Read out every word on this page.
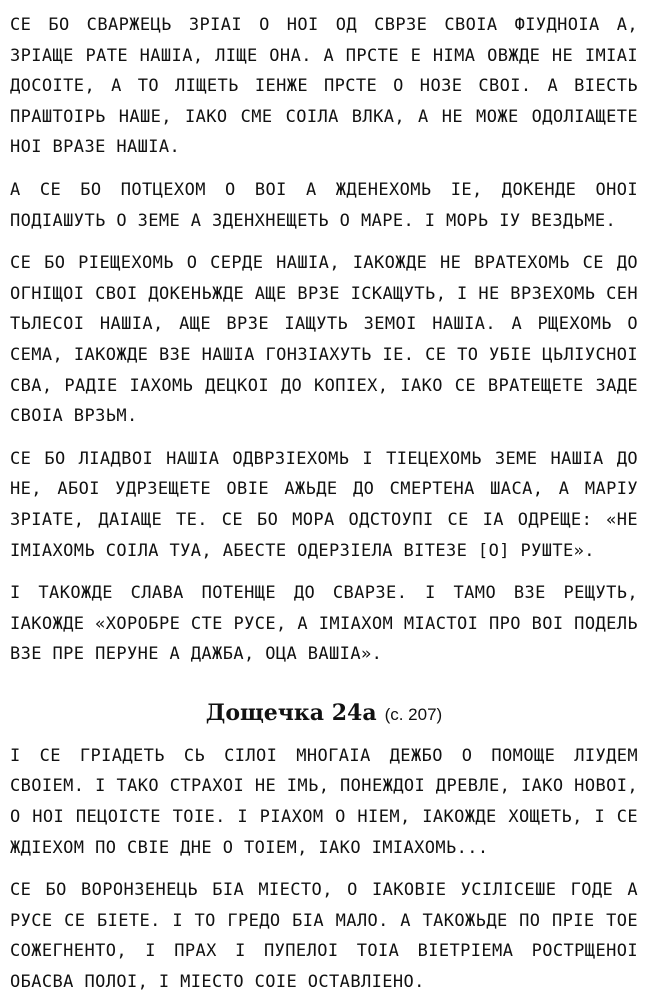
СЕ БО СВАРЖЕЦЬ ЗРIАI О НOI ОД СВРЗЕ СВОIA ФIУДНОIА А, ЗРIАЩЕ РАТЕ НАШIА, ЛIЩЕ ОНА. А ПРСТЕ Е НIМА ОВЖДЕ НЕ IМIАI ДОСОIТЕ, А ТО ЛIЩЕТЬ IЕНЖЕ ПРСТЕ О НОЗЕ СВОI. А ВIЕСТЬ ПРАШТОIРЬ НАШЕ, IАКО СМЕ СОIЛА ВЛКА, А НЕ МОЖЕ ОДОЛIАЩЕТЕ НOI ВРАЗЕ НАШIА.

А СЕ БО ПОТЦЕХОМ О ВОI А ЖДЕНЕХОМЬ IЕ, ДОКЕНДЕ ОНОI ПОДIАШУТЬ О ЗЕМЕ А ЗДЕНХНЕЩЕТЬ О МАРЕ. I МОРЬ IУ ВЕЗДЬМЕ.

СЕ БО РIЕЩЕХОМЬ О СЕРДЕ НАШIА, IАКОЖДЕ НЕ ВРАТЕХОМЬ СЕ ДО ОГНIЩОI СВОI ДОКЕНЬЖДЕ АЩЕ ВРЗЕ IСКАЩУТЬ, I НЕ ВРЗЕХОМЬ СЕН ТЬЛЕСОI НАШIА, АЩЕ ВРЗЕ IАЩУТЬ ЗЕМОI НАШIА. А РЩЕХОМЬ О СЕМА, IАКОЖДЕ ВЗЕ НАШIА ГОНЗIАХУТЬ IЕ. СЕ ТО УБIЕ ЦЬЛIУСНОI СВА, РАДIЕ IАХОМЬ ДЕЦКОI ДО КОПIЕХ, IАКО СЕ ВРАТЕЩЕТЕ ЗАДЕ СВОIА ВРЗЬМ.

СЕ БО ЛIАДВОI НАШIА ОДВРЗIЕХОМЬ I ТIЕЦЕХОМЬ ЗЕМЕ НАШIА ДО НЕ, АБОI УДРЗЕЩЕТЕ ОВIЕ АЖЬДЕ ДО СМЕРТЕНА ШАСА, А МАРIУ ЗРIАТЕ, ДАIАЩЕ ТЕ. СЕ БО МОРА ОДСТОУПI СЕ IА ОДРЕЩЕ: «НЕ IМIАХОМЬ СОIЛА ТУА, АБЕСТЕ ОДЕРЗIЕЛА ВIТЕЗЕ [О] РУШТЕ».

I ТАКОЖДЕ СЛАВА ПОТЕНЩЕ ДО СВАРЗЕ. I ТАМО ВЗЕ РЕЩУТЬ, IАКОЖДЕ «ХОРОБРЕ СТЕ РУСЕ, А IМIАХОМ МIАСТОI ПРО ВОI ПОДЕЛЬ ВЗЕ ПРЕ ПЕРУНЕ А ДАЖБА, ОЦА ВАШIА».

Дощечка 24а (с. 207)

I СЕ ГРIАДЕТЬ СЬ СIЛОI МНОГАIА ДЕЖБО О ПОМОЩЕ ЛIУДЕМ СВОIЕМ. I ТАКО СТРАХОI НЕ IМЬ, ПОНЕЖДОI ДРЕВЛЕ, IАКО НОВОI, О НOI ПЕЦОIСТЕ ТОIЕ. I РIАХОМ О НIЕМ, IАКОЖДЕ ХОЩЕТЬ, I СЕ ЖДIЕХОМ ПО СВIЕ ДНЕ О ТОIЕМ, IАКО IМIАХОМЬ...

СЕ БО ВОРОНЗЕНЕЦЬ БIА МIЕСТО, О IАКОВIЕ УСIЛIСЕШЕ ГОДЕ А РУСЕ СЕ БIЕТЕ. I ТО ГРЕДО БIА МАЛО. А ТАКОЖЬДЕ ПО ПРIЕ ТОЕ СОЖЕГНЕНТО, I ПРАХ I ПУПЕЛОI ТОIА ВIЕТРIЕМА РОСТРЩЕНОI ОБАСВА ПОЛОI, I МIЕСТО СОIЕ ОСТАВЛIЕНО.
